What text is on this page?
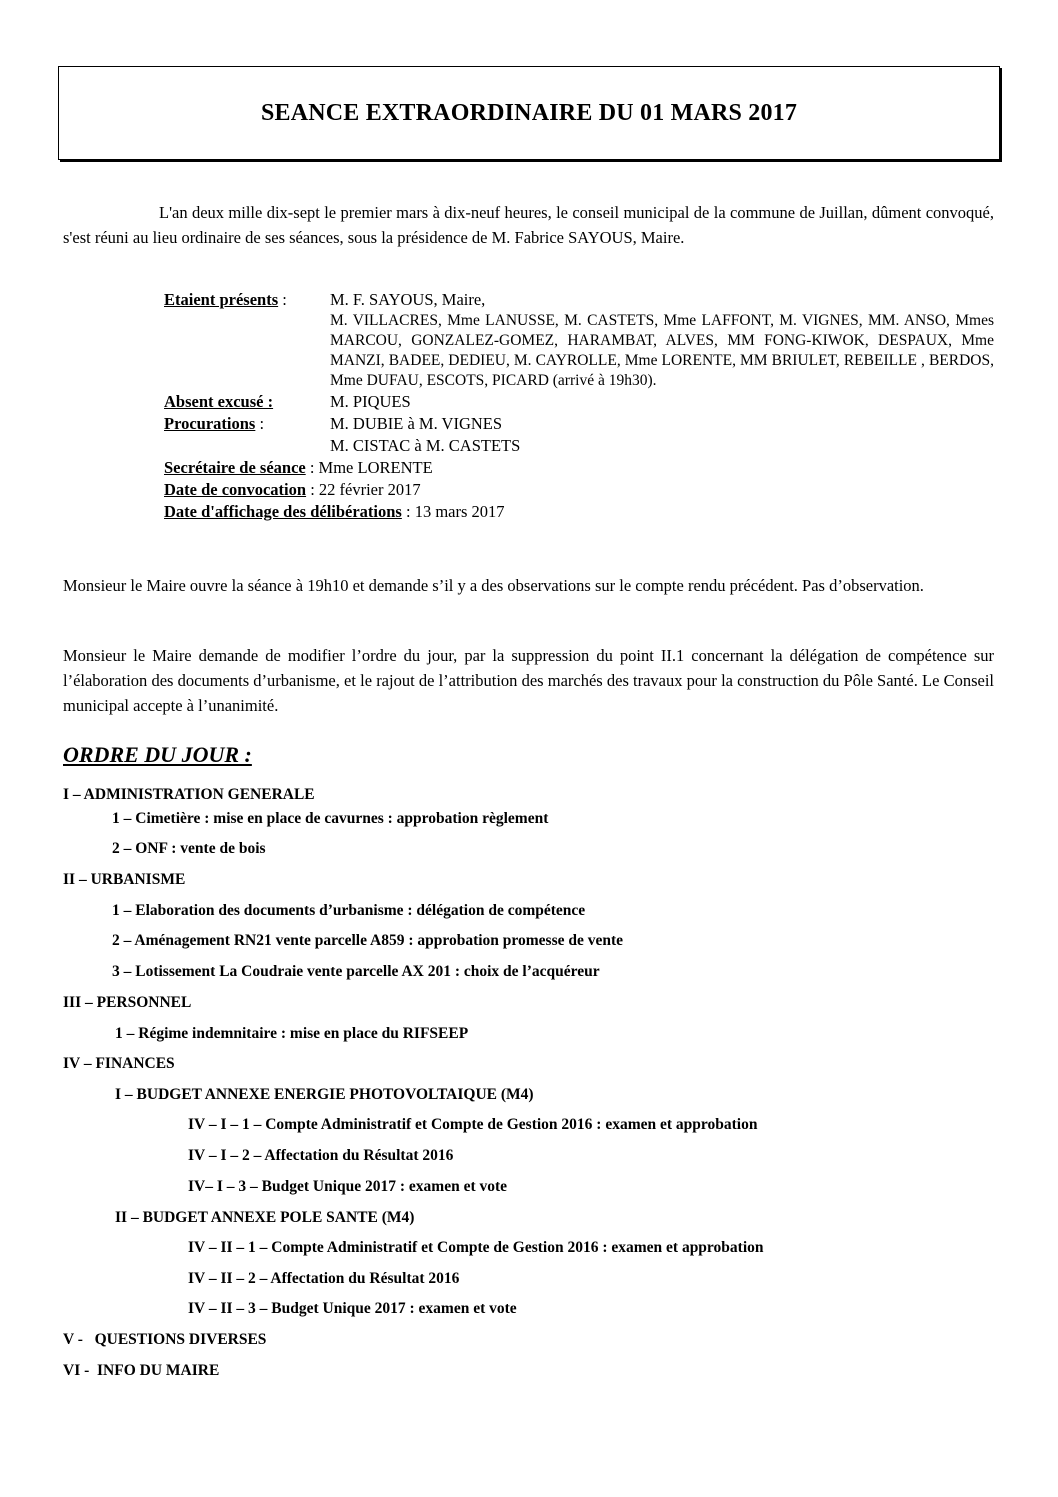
SEANCE EXTRAORDINAIRE DU 01 MARS 2017
L'an deux mille dix-sept le premier mars à dix-neuf heures, le conseil municipal de la commune de Juillan, dûment convoqué, s'est réuni au lieu ordinaire de ses séances, sous la présidence de M. Fabrice SAYOUS, Maire.
Etaient présents :	M. F. SAYOUS, Maire,
M. VILLACRES, Mme LANUSSE, M. CASTETS, Mme LAFFONT, M. VIGNES, MM. ANSO, Mmes MARCOU, GONZALEZ-GOMEZ, HARAMBAT, ALVES, MM FONG-KIWOK, DESPAUX, Mme MANZI, BADEE, DEDIEU, M. CAYROLLE, Mme LORENTE, MM BRIULET, REBEILLE , BERDOS, Mme DUFAU, ESCOTS, PICARD (arrivé à 19h30).
Absent excusé :	M. PIQUES
Procurations :	M. DUBIE à M. VIGNES
M. CISTAC à M. CASTETS
Secrétaire de séance : Mme LORENTE
Date de convocation : 22 février 2017
Date d'affichage des délibérations : 13 mars 2017
Monsieur le Maire ouvre la séance à 19h10 et demande s’il y a des observations sur le compte rendu précédent. Pas d’observation.
Monsieur le Maire demande de modifier l’ordre du jour, par la suppression du point II.1 concernant la délégation de compétence sur l’élaboration des documents d’urbanisme, et le rajout de l’attribution des marchés des travaux pour la construction du Pôle Santé. Le Conseil municipal accepte à l’unanimité.
ORDRE DU JOUR :
I – ADMINISTRATION GENERALE
1 – Cimetière : mise en place de cavurnes : approbation règlement
2 – ONF : vente de bois
II – URBANISME
1 – Elaboration des documents d’urbanisme : délégation de compétence
2 – Aménagement RN21 vente parcelle A859 : approbation promesse de vente
3 – Lotissement La Coudraie vente parcelle AX 201 : choix de l’acquéreur
III – PERSONNEL
1 – Régime indemnitaire : mise en place du RIFSEEP
IV – FINANCES
I – BUDGET ANNEXE ENERGIE PHOTOVOLTAIQUE (M4)
IV – I – 1 – Compte Administratif et Compte de Gestion 2016 : examen et approbation
IV – I – 2 – Affectation du Résultat 2016
IV– I – 3 – Budget Unique 2017 : examen et vote
II – BUDGET ANNEXE POLE SANTE (M4)
IV – II – 1 – Compte Administratif et Compte de Gestion 2016 : examen et approbation
IV – II – 2 – Affectation du Résultat 2016
IV – II – 3 – Budget Unique 2017 : examen et vote
V -   QUESTIONS DIVERSES
VI -  INFO DU MAIRE
